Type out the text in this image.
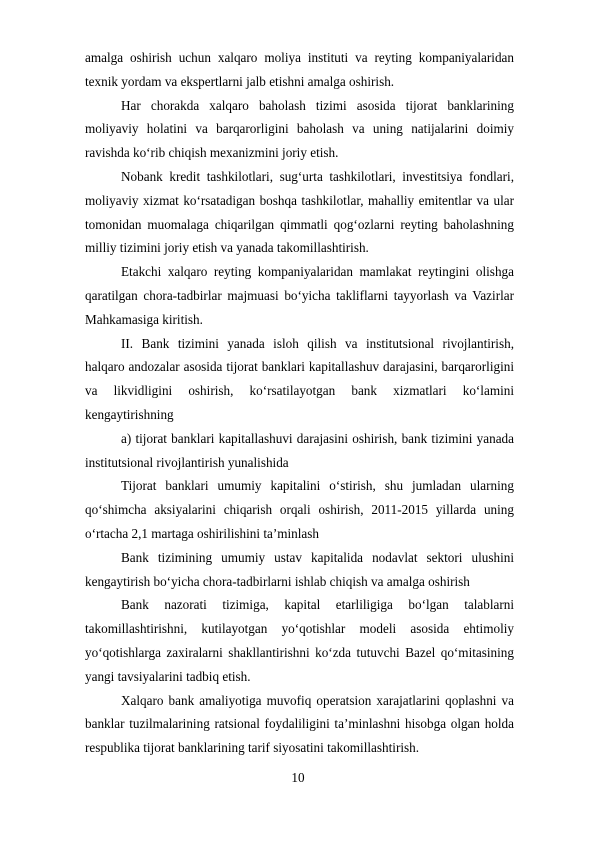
amalga oshirish uchun xalqaro moliya instituti va reyting kompaniyalaridan texnik yordam va ekspertlarni jalb etishni amalga oshirish.

Har chorakda xalqaro baholash tizimi asosida tijorat banklarining moliyaviy holatini va barqarorligini baholash va uning natijalarini doimiy ravishda ko‘rib chiqish mexanizmini joriy etish.

Nobank kredit tashkilotlari, sug‘urta tashkilotlari, investitsiya fondlari, moliyaviy xizmat ko‘rsatadigan boshqa tashkilotlar, mahalliy emitentlar va ular tomonidan muomalaga chiqarilgan qimmatli qog‘ozlarni reyting baholashning milliy tizimini joriy etish va yanada takomillashtirish.

Etakchi xalqaro reyting kompaniyalaridan mamlakat reytingini olishga qaratilgan chora-tadbirlar majmuasi bo‘yicha takliflarni tayyorlash va Vazirlar Mahkamasiga kiritish.

II. Bank tizimini yanada isloh qilish va institutsional rivojlantirish, halqaro andozalar asosida tijorat banklari kapitallashuv darajasini, barqarorligini va likvidligini oshirish, ko‘rsatilayotgan bank xizmatlari ko‘lamini kengaytirishning

a) tijorat banklari kapitallashuvi darajasini oshirish, bank tizimini yanada institutsional rivojlantirish yunalishida

Tijorat banklari umumiy kapitalini o‘stirish, shu jumladan ularning qo‘shimcha aksiyalarini chiqarish orqali oshirish, 2011-2015 yillarda uning o‘rtacha 2,1 martaga oshirilishini ta’minlash

Bank tizimining umumiy ustav kapitalida nodavlat sektori ulushini kengaytirish bo‘yicha chora-tadbirlarni ishlab chiqish va amalga oshirish

Bank nazorati tizimiga, kapital etarliligiga bo‘lgan talablarni takomillashtirishni, kutilayotgan yo‘qotishlar modeli asosida ehtimoliy yo‘qotishlarga zaxiralarni shakllantirishni ko‘zda tutuvchi Bazel qo‘mitasining yangi tavsiyalarini tadbiq etish.

Xalqaro bank amaliyotiga muvofiq operatsion xarajatlarini qoplashni va banklar tuzilmalarining ratsional foydaliligini ta’minlashni hisobga olgan holda respublika tijorat banklarining tarif siyosatini takomillashtirish.

10
